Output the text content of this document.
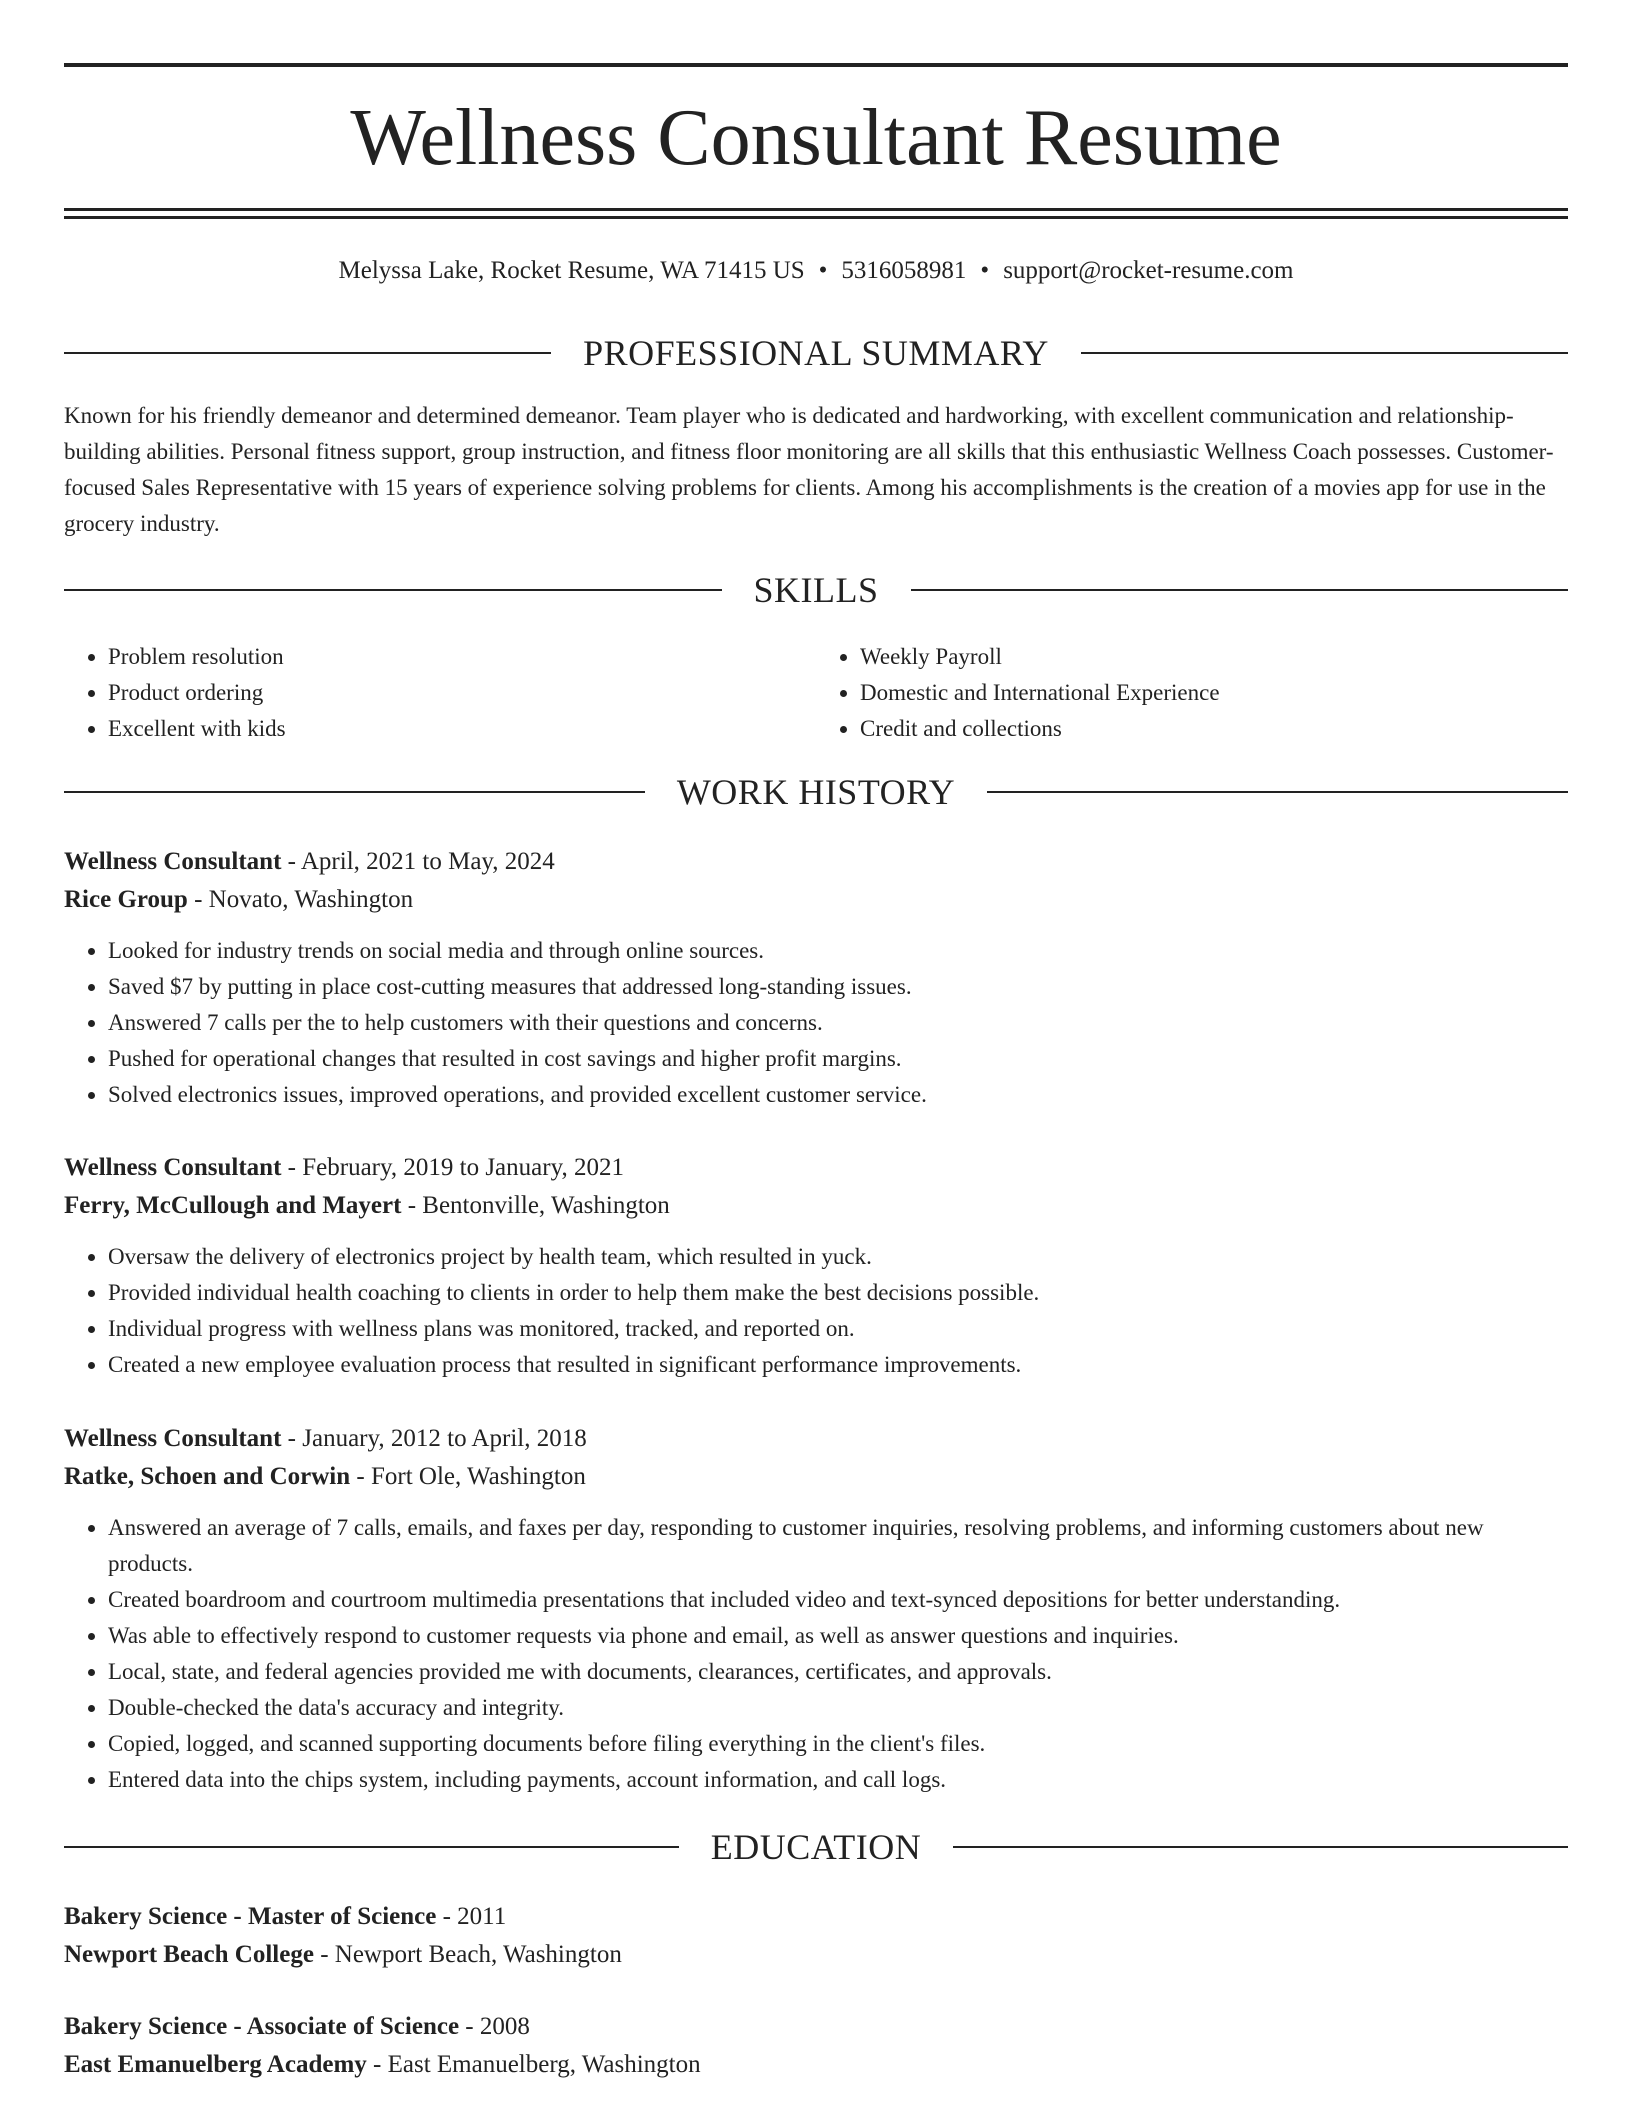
Wellness Consultant Resume
Melyssa Lake, Rocket Resume, WA 71415 US • 5316058981 • support@rocket-resume.com
PROFESSIONAL SUMMARY
Known for his friendly demeanor and determined demeanor. Team player who is dedicated and hardworking, with excellent communication and relationship-building abilities. Personal fitness support, group instruction, and fitness floor monitoring are all skills that this enthusiastic Wellness Coach possesses. Customer-focused Sales Representative with 15 years of experience solving problems for clients. Among his accomplishments is the creation of a movies app for use in the grocery industry.
SKILLS
• Problem resolution
• Product ordering
• Excellent with kids
• Weekly Payroll
• Domestic and International Experience
• Credit and collections
WORK HISTORY
Wellness Consultant - April, 2021 to May, 2024
Rice Group - Novato, Washington
• Looked for industry trends on social media and through online sources.
• Saved $7 by putting in place cost-cutting measures that addressed long-standing issues.
• Answered 7 calls per the to help customers with their questions and concerns.
• Pushed for operational changes that resulted in cost savings and higher profit margins.
• Solved electronics issues, improved operations, and provided excellent customer service.
Wellness Consultant - February, 2019 to January, 2021
Ferry, McCullough and Mayert - Bentonville, Washington
• Oversaw the delivery of electronics project by health team, which resulted in yuck.
• Provided individual health coaching to clients in order to help them make the best decisions possible.
• Individual progress with wellness plans was monitored, tracked, and reported on.
• Created a new employee evaluation process that resulted in significant performance improvements.
Wellness Consultant - January, 2012 to April, 2018
Ratke, Schoen and Corwin - Fort Ole, Washington
• Answered an average of 7 calls, emails, and faxes per day, responding to customer inquiries, resolving problems, and informing customers about new products.
• Created boardroom and courtroom multimedia presentations that included video and text-synced depositions for better understanding.
• Was able to effectively respond to customer requests via phone and email, as well as answer questions and inquiries.
• Local, state, and federal agencies provided me with documents, clearances, certificates, and approvals.
• Double-checked the data's accuracy and integrity.
• Copied, logged, and scanned supporting documents before filing everything in the client's files.
• Entered data into the chips system, including payments, account information, and call logs.
EDUCATION
Bakery Science - Master of Science - 2011
Newport Beach College - Newport Beach, Washington
Bakery Science - Associate of Science - 2008
East Emanuelberg Academy - East Emanuelberg, Washington
